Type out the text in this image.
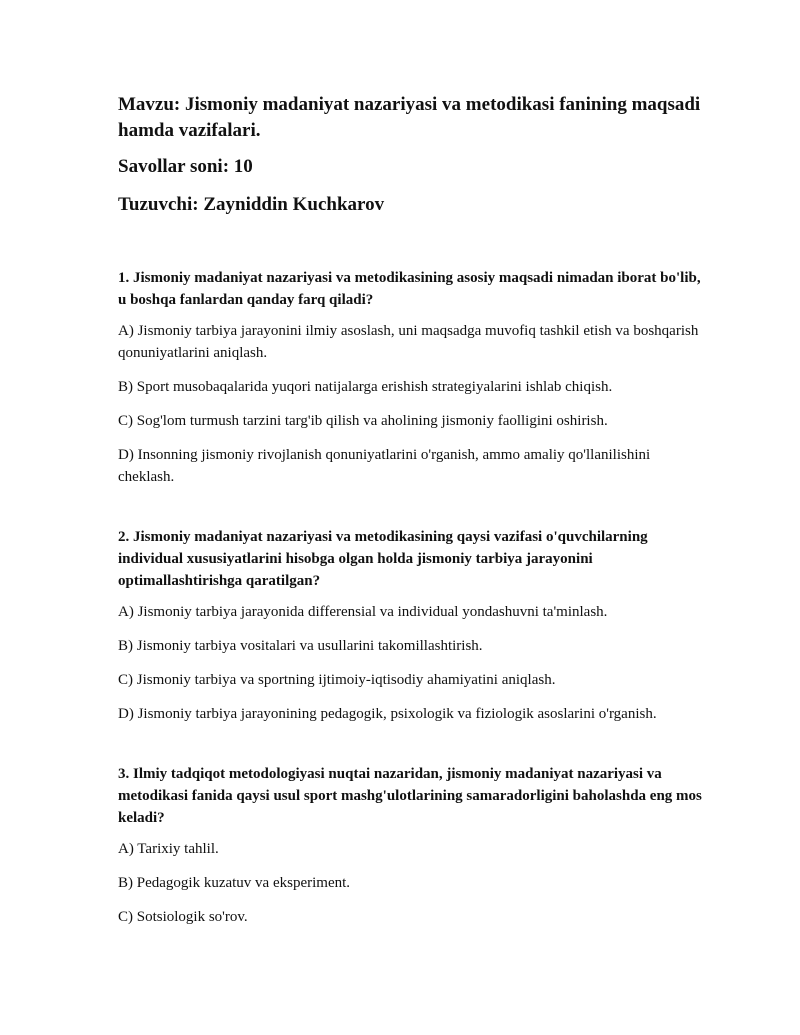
Mavzu: Jismoniy madaniyat nazariyasi va metodikasi fanining maqsadi hamda vazifalari.

Savollar soni: 10

Tuzuvchi: Zayniddin Kuchkarov

1. Jismoniy madaniyat nazariyasi va metodikasining asosiy maqsadi nimadan iborat bo'lib, u boshqa fanlardan qanday farq qiladi?

A) Jismoniy tarbiya jarayonini ilmiy asoslash, uni maqsadga muvofiq tashkil etish va boshqarish qonuniyatlarini aniqlash.

B) Sport musobaqalarida yuqori natijalarga erishish strategiyalarini ishlab chiqish.

C) Sog'lom turmush tarzini targ'ib qilish va aholining jismoniy faolligini oshirish.

D) Insonning jismoniy rivojlanish qonuniyatlarini o'rganish, ammo amaliy qo'llanilishini cheklash.

2. Jismoniy madaniyat nazariyasi va metodikasining qaysi vazifasi o'quvchilarning individual xususiyatlarini hisobga olgan holda jismoniy tarbiya jarayonini optimallashtirishga qaratilgan?

A) Jismoniy tarbiya jarayonida differensial va individual yondashuvni ta'minlash.

B) Jismoniy tarbiya vositalari va usullarini takomillashtirish.

C) Jismoniy tarbiya va sportning ijtimoiy-iqtisodiy ahamiyatini aniqlash.

D) Jismoniy tarbiya jarayonining pedagogik, psixologik va fiziologik asoslarini o'rganish.

3. Ilmiy tadqiqot metodologiyasi nuqtai nazaridan, jismoniy madaniyat nazariyasi va metodikasi fanida qaysi usul sport mashg'ulotlarining samaradorligini baholashda eng mos keladi?

A) Tarixiy tahlil.

B) Pedagogik kuzatuv va eksperiment.

C) Sotsiologik so'rov.
